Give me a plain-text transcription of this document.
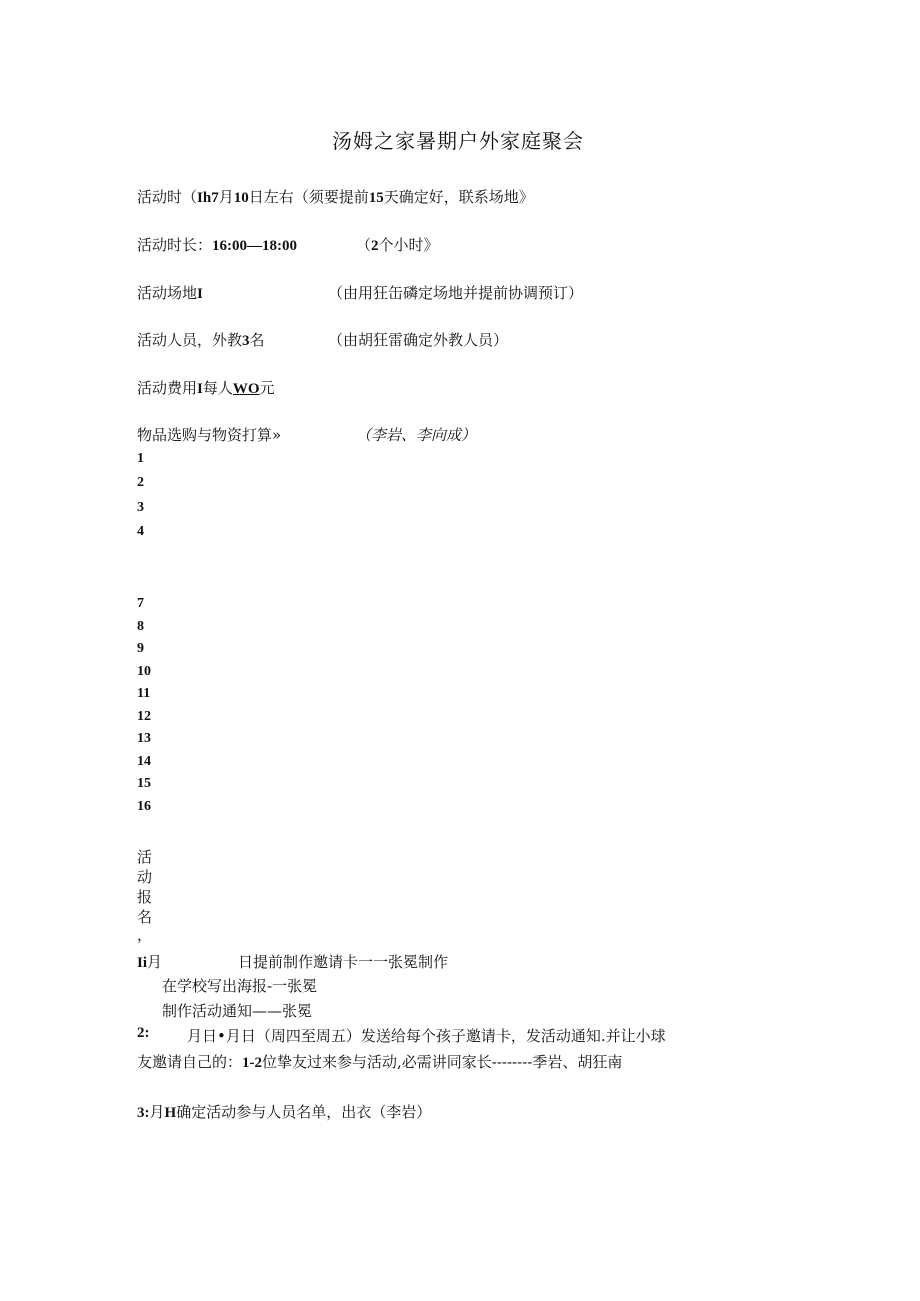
汤姆之家暑期户外家庭聚会
活动时（Ih7月10日左右（须要提前15天确定好，联系场地》
活动时长：16:00—18:00	（2个小时》
活动场地I	（由用狂缶磷定场地并提前协调预订）
活动人员，外教3名	（由胡狂雷确定外教人员）
活动费用I每人WO元
物品选购与物资打算»	（李岩、李向成）
1
2
3
4
7
8
9
10
11
12
13
14
15
16
活
动
报
名
，
Ii月	日提前制作邀请卡一一张冕制作
在学校写出海报-一张冕
制作活动通知——张冕
2:	月日•月日（周四至周五）发送给每个孩子邀请卡，发活动通知.并让小球
友邀请自己的：1-2位挚友过来参与活动,必需讲同家长--------季岩、胡狂南
3:月H确定活动参与人员名单，出衣（李岩）
